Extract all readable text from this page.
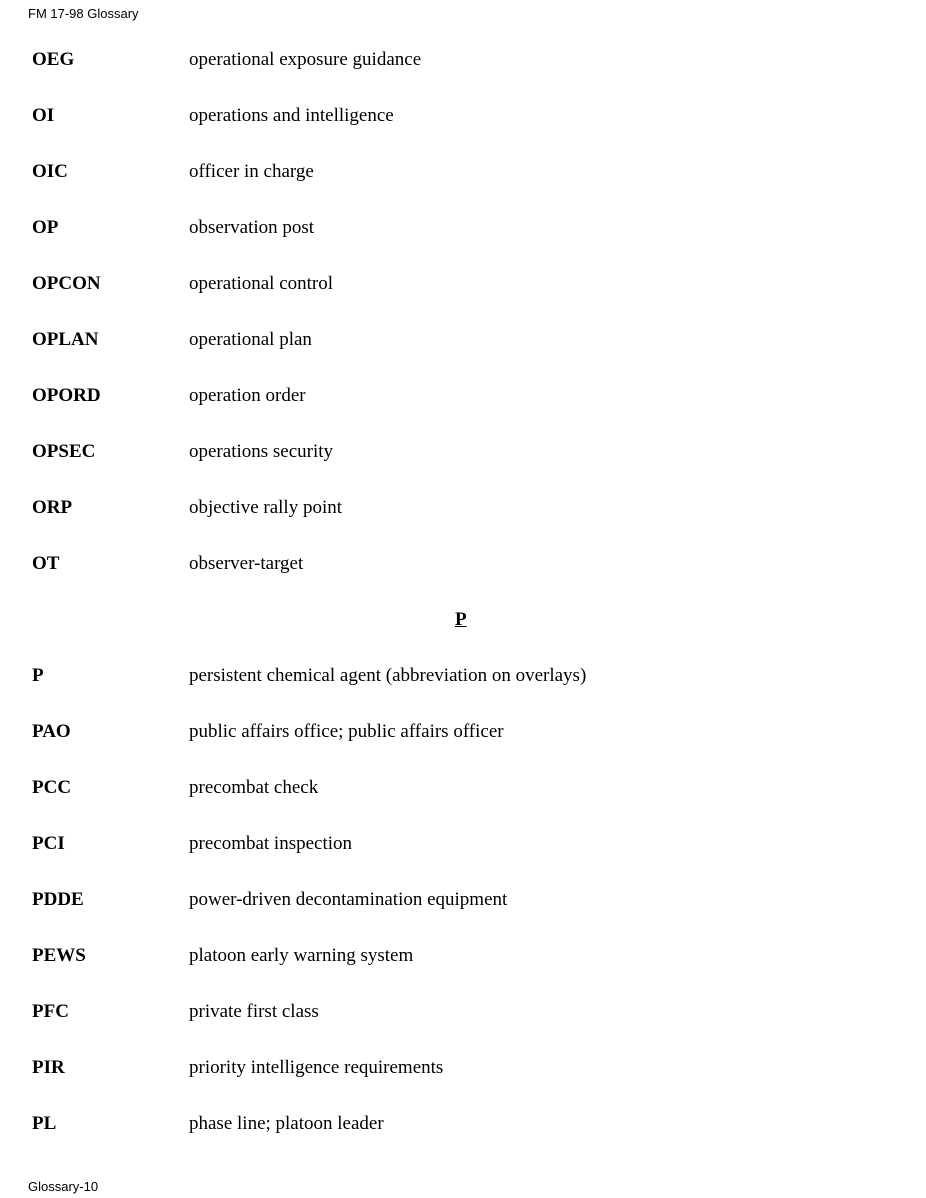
FM 17-98 Glossary
OEG	operational exposure guidance
OI	operations and intelligence
OIC	officer in charge
OP	observation post
OPCON	operational control
OPLAN	operational plan
OPORD	operation order
OPSEC	operations security
ORP	objective rally point
OT	observer-target
P
P	persistent chemical agent (abbreviation on overlays)
PAO	public affairs office; public affairs officer
PCC	precombat check
PCI	precombat inspection
PDDE	power-driven decontamination equipment
PEWS	platoon early warning system
PFC	private first class
PIR	priority intelligence requirements
PL	phase line; platoon leader
Glossary-10
